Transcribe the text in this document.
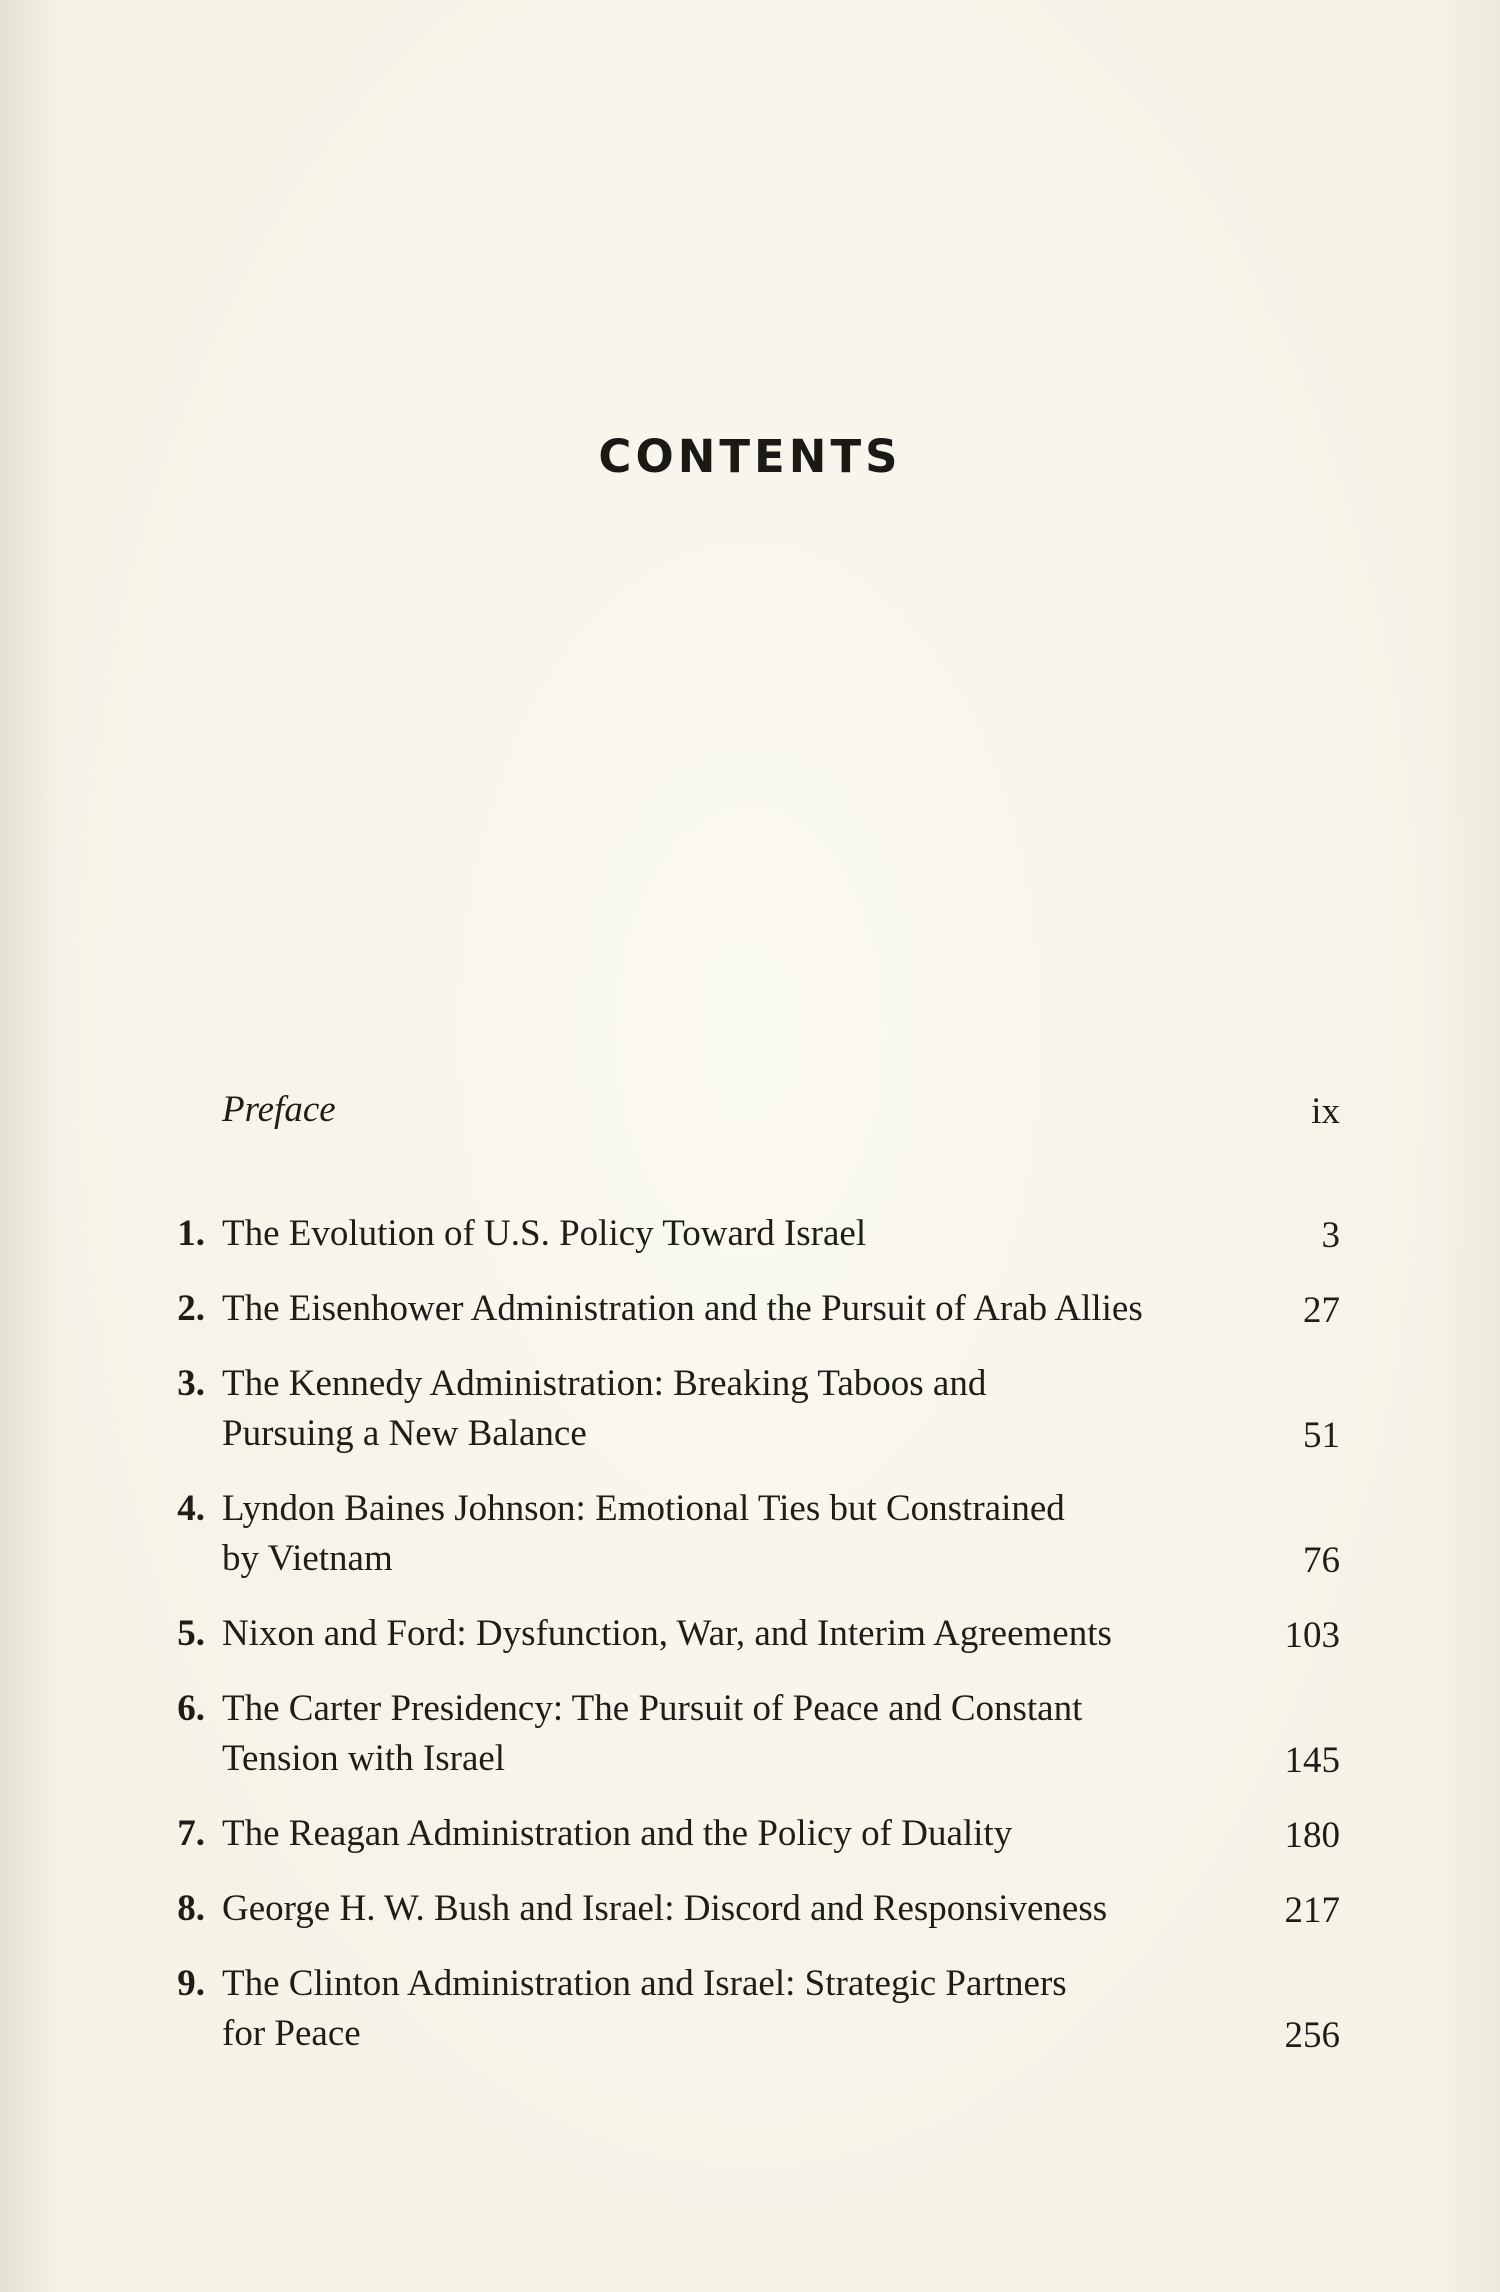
CONTENTS
Preface	ix
1. The Evolution of U.S. Policy Toward Israel	3
2. The Eisenhower Administration and the Pursuit of Arab Allies	27
3. The Kennedy Administration: Breaking Taboos and
Pursuing a New Balance	51
4. Lyndon Baines Johnson: Emotional Ties but Constrained
by Vietnam	76
5. Nixon and Ford: Dysfunction, War, and Interim Agreements	103
6. The Carter Presidency: The Pursuit of Peace and Constant
Tension with Israel	145
7. The Reagan Administration and the Policy of Duality	180
8. George H. W. Bush and Israel: Discord and Responsiveness	217
9. The Clinton Administration and Israel: Strategic Partners
for Peace	256
